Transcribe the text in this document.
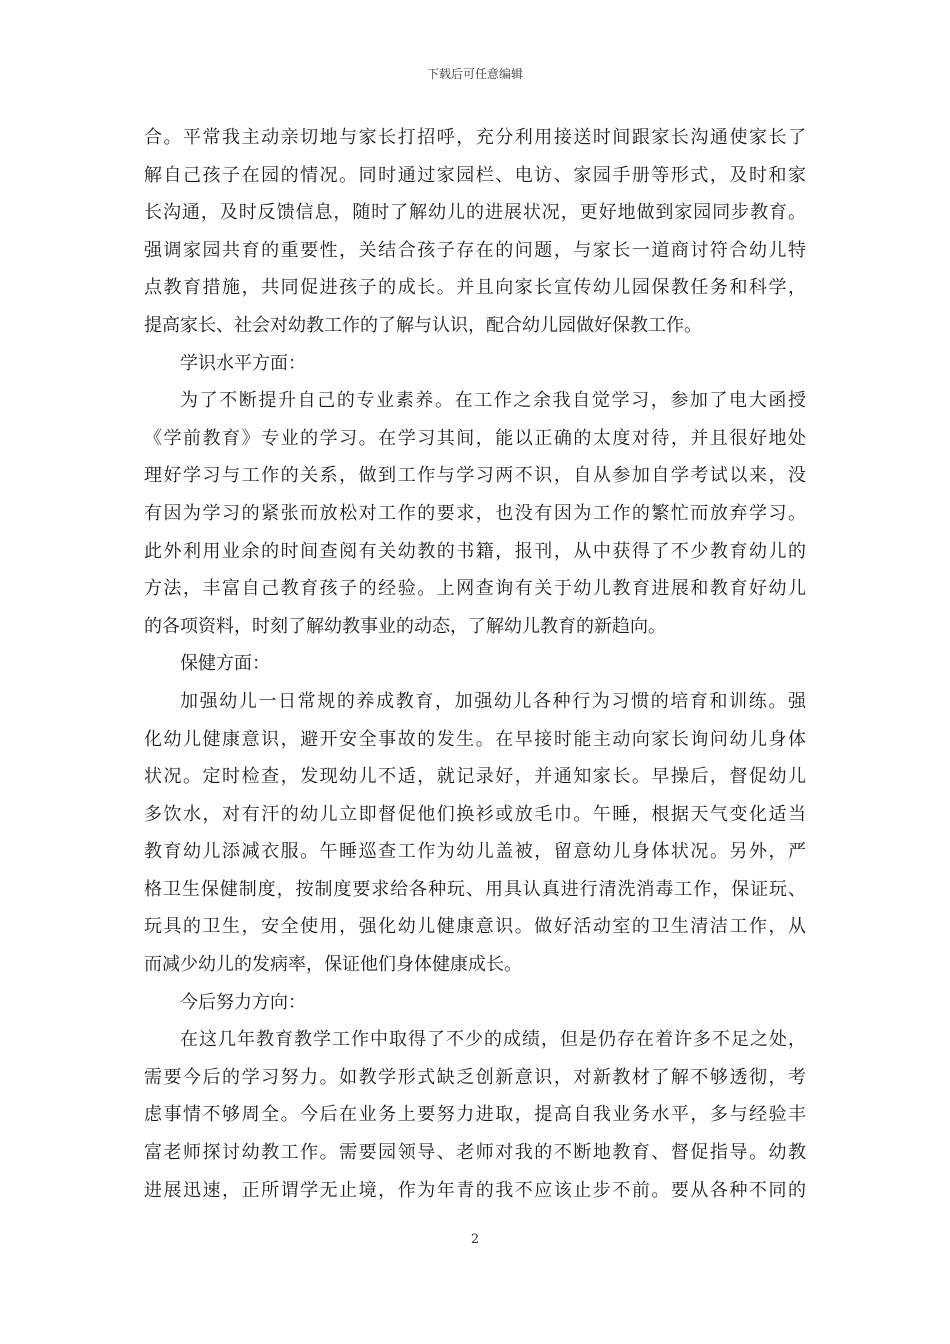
下载后可任意编辑
合。平常我主动亲切地与家长打招呼，充分利用接送时间跟家长沟通使家长了
解自己孩子在园的情况。同时通过家园栏、电访、家园手册等形式，及时和家
长沟通，及时反馈信息，随时了解幼儿的进展状况，更好地做到家园同步教育。
强调家园共育的重要性，关结合孩子存在的问题，与家长一道商讨符合幼儿特
点教育措施，共同促进孩子的成长。并且向家长宣传幼儿园保教任务和科学，
提高家长、社会对幼教工作的了解与认识，配合幼儿园做好保教工作。
学识水平方面：
为了不断提升自己的专业素养。在工作之余我自觉学习，参加了电大函授
《学前教育》专业的学习。在学习其间，能以正确的太度对待，并且很好地处
理好学习与工作的关系，做到工作与学习两不识，自从参加自学考试以来，没
有因为学习的紧张而放松对工作的要求，也没有因为工作的繁忙而放弃学习。
此外利用业余的时间查阅有关幼教的书籍，报刊，从中获得了不少教育幼儿的
方法，丰富自己教育孩子的经验。上网查询有关于幼儿教育进展和教育好幼儿
的各项资料，时刻了解幼教事业的动态，了解幼儿教育的新趋向。
保健方面：
加强幼儿一日常规的养成教育，加强幼儿各种行为习惯的培育和训练。强
化幼儿健康意识，避开安全事故的发生。在早接时能主动向家长询问幼儿身体
状况。定时检查，发现幼儿不适，就记录好，并通知家长。早操后，督促幼儿
多饮水，对有汗的幼儿立即督促他们换衫或放毛巾。午睡，根据天气变化适当
教育幼儿添减衣服。午睡巡查工作为幼儿盖被，留意幼儿身体状况。另外，严
格卫生保健制度，按制度要求给各种玩、用具认真进行清洗消毒工作，保证玩、
玩具的卫生，安全使用，强化幼儿健康意识。做好活动室的卫生清洁工作，从
而减少幼儿的发病率，保证他们身体健康成长。
今后努力方向：
在这几年教育教学工作中取得了不少的成绩，但是仍存在着许多不足之处，
需要今后的学习努力。如教学形式缺乏创新意识，对新教材了解不够透彻，考
虑事情不够周全。今后在业务上要努力进取，提高自我业务水平，多与经验丰
富老师探讨幼教工作。需要园领导、老师对我的不断地教育、督促指导。幼教
进展迅速，正所谓学无止境，作为年青的我不应该止步不前。要从各种不同的
2
